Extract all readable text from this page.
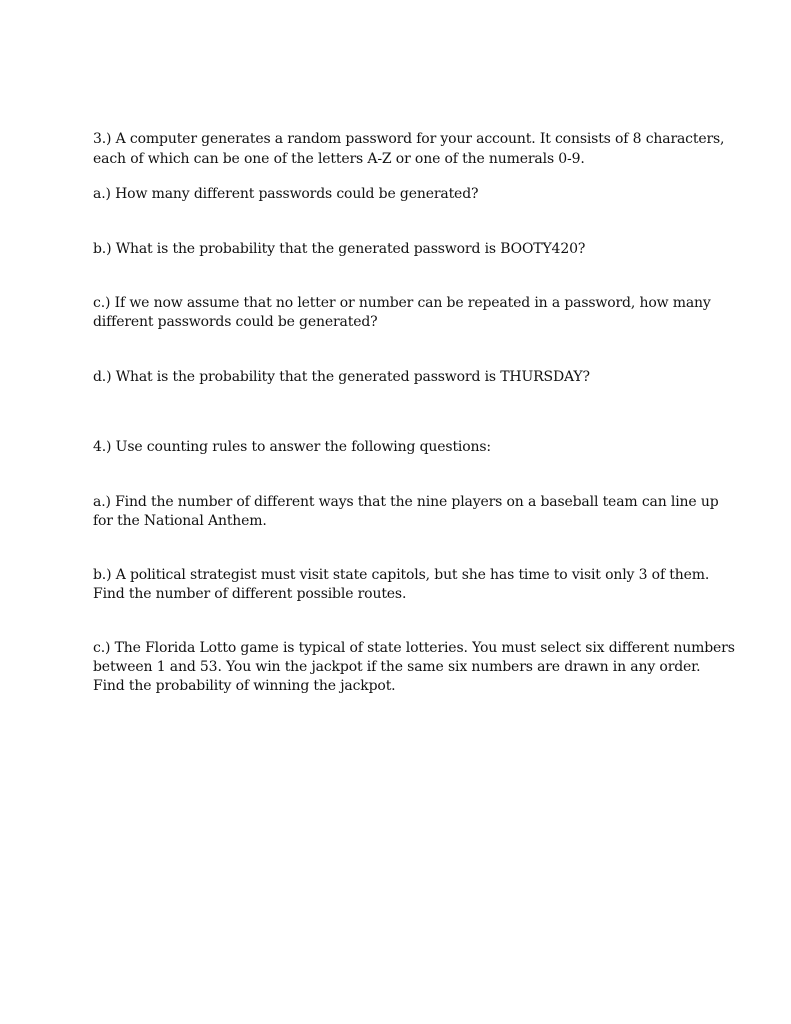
3.) A computer generates a random password for your account. It consists of 8 characters,
each of which can be one of the letters A-Z or one of the numerals 0-9.
a.) How many different passwords could be generated?
b.) What is the probability that the generated password is BOOTY420?
c.) If we now assume that no letter or number can be repeated in a password, how many
different passwords could be generated?
d.) What is the probability that the generated password is THURSDAY?
4.) Use counting rules to answer the following questions:
a.) Find the number of different ways that the nine players on a baseball team can line up
for the National Anthem.
b.) A political strategist must visit state capitols, but she has time to visit only 3 of them.
Find the number of different possible routes.
c.) The Florida Lotto game is typical of state lotteries. You must select six different numbers
between 1 and 53. You win the jackpot if the same six numbers are drawn in any order.
Find the probability of winning the jackpot.
